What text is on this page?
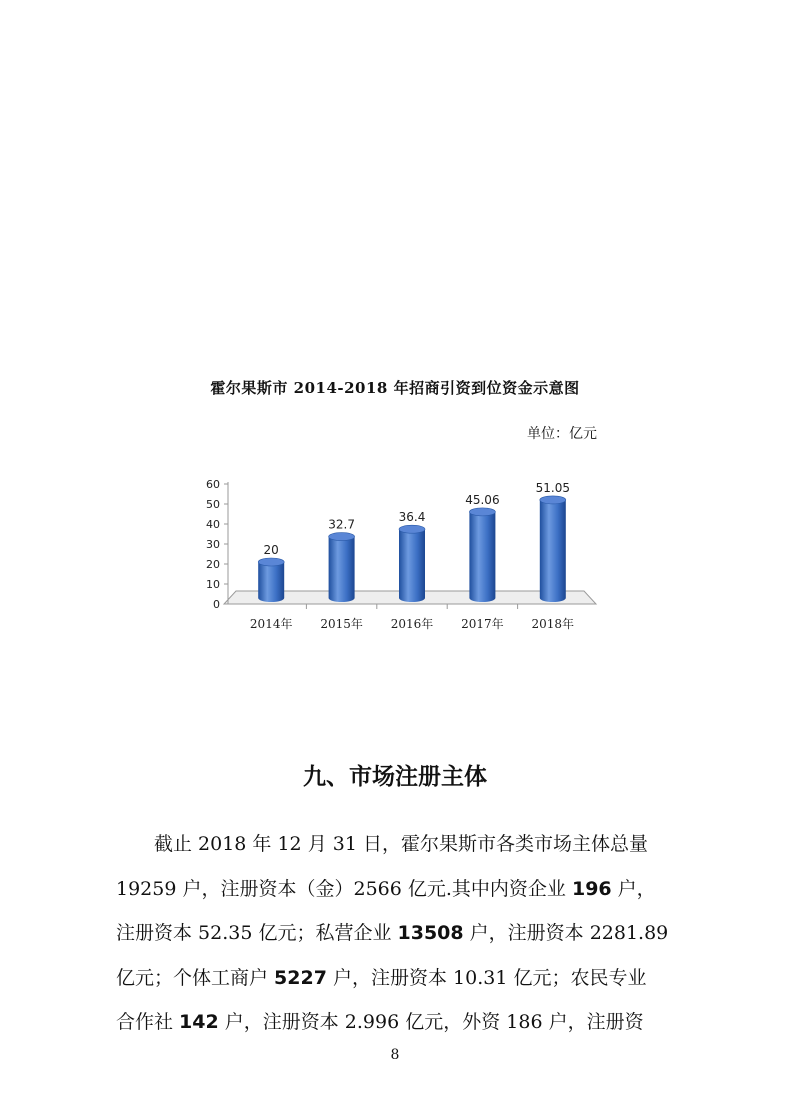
霍尔果斯市 2014-2018 年招商引资到位资金示意图
单位：亿元
0
10
20
30
40
50
60
20
2014年
32.7
2015年
36.4
2016年
45.06
2017年
51.05
2018年
九、市场注册主体
截止 2018 年 12 月 31 日，霍尔果斯市各类市场主体总量
19259 户，注册资本（金）2566 亿元.其中内资企业 196 户，
注册资本 52.35 亿元；私营企业 13508 户，注册资本 2281.89
亿元；个体工商户 5227 户，注册资本 10.31 亿元；农民专业
合作社 142 户，注册资本 2.996 亿元，外资 186 户，注册资
8
